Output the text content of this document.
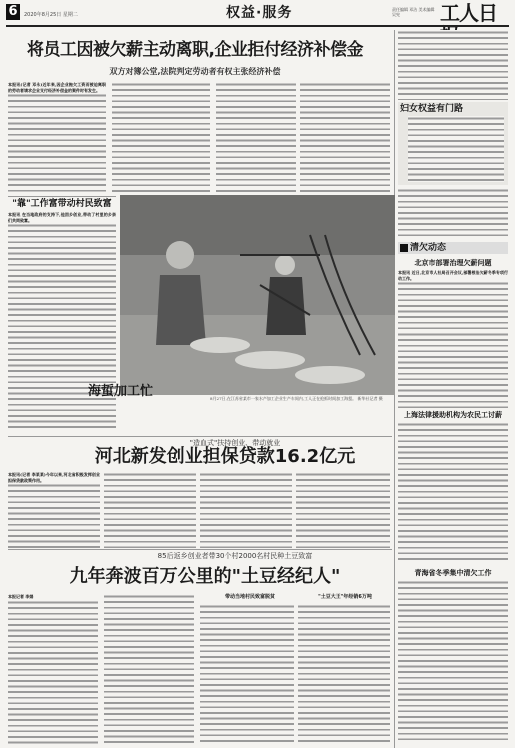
6	2020年8月25日 星期二	权益·服务	责任编辑 邓洁 美术编辑 吴宪	工人日
将员工因被欠薪主动离职,企业拒付经济补偿金
双方对簿公堂,法院判定劳动者有权主张经济补偿
本报讯(记者 邓永)近年来,因企业拖欠工资而被迫离职的劳动者请求企业支付经济补偿金的案件时有发生。
妇女权益有门路
清欠动态
北京市部署治理欠薪问题
本报讯 近日,北京市人社局召开会议,部署根治欠薪冬季专项行动工作。
上海法律援助机构为农民工讨薪
青海省冬季集中清欠工作
"靠"工作富带动村民致富
本报讯 在当地政府的支持下,他回乡创业,带动了村里的乡亲们共同致富。
海蜇加工忙	8月27日,在江苏省某市一家水产加工企业生产车间内,工人正在抢抓时间加工海蜇。 新华社记者 摄
"造血式"扶持创业、带动就业
河北新发创业担保贷款16.2亿元
本报讯(记者 李某某)今年以来,河北省积极发挥创业担保贷款政策作用。
85后返乡创业者带30个村2000名村民种土豆致富
九年奔波百万公里的"土豆经纪人"
本报记者 李娟	带动当地村民致富脱贫	"土豆大王"年经销6万吨
